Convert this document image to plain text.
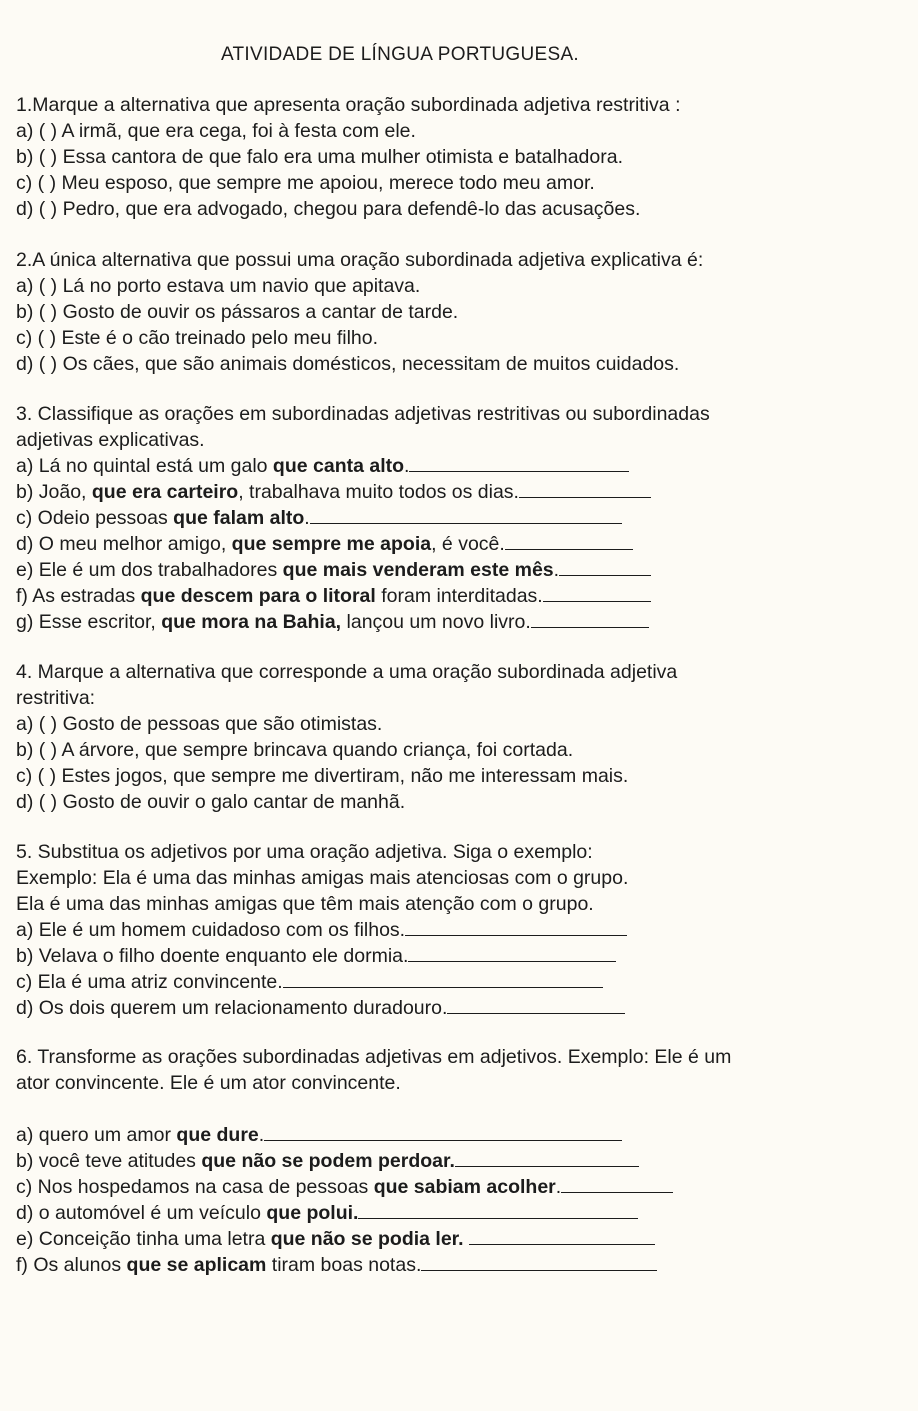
ATIVIDADE DE LÍNGUA PORTUGUESA.
1.Marque a alternativa que apresenta oração subordinada adjetiva restritiva :
a) ( ) A irmã, que era cega, foi à festa com ele.
b) ( ) Essa cantora de que falo era uma mulher otimista e batalhadora.
c) ( ) Meu esposo, que sempre me apoiou, merece todo meu amor.
d) ( ) Pedro, que era advogado, chegou para defendê-lo das acusações.
2.A única alternativa que possui uma oração subordinada adjetiva explicativa é:
a) ( ) Lá no porto estava um navio que apitava.
b) ( ) Gosto de ouvir os pássaros a cantar de tarde.
c) ( ) Este é o cão treinado pelo meu filho.
d) ( ) Os cães, que são animais domésticos, necessitam de muitos cuidados.
3. Classifique as orações em subordinadas adjetivas restritivas ou subordinadas
adjetivas explicativas.
a) Lá no quintal está um galo que canta alto.
b) João, que era carteiro, trabalhava muito todos os dias.
c) Odeio pessoas que falam alto.
d) O meu melhor amigo, que sempre me apoia, é você.
e) Ele é um dos trabalhadores que mais venderam este mês.
f) As estradas que descem para o litoral foram interditadas.
g) Esse escritor, que mora na Bahia, lançou um novo livro.
4. Marque a alternativa que corresponde a uma oração subordinada adjetiva
restritiva:
a) ( ) Gosto de pessoas que são otimistas.
b) ( ) A árvore, que sempre brincava quando criança, foi cortada.
c) ( ) Estes jogos, que sempre me divertiram, não me interessam mais.
d) ( ) Gosto de ouvir o galo cantar de manhã.
5. Substitua os adjetivos por uma oração adjetiva. Siga o exemplo:
Exemplo: Ela é uma das minhas amigas mais atenciosas com o grupo.
Ela é uma das minhas amigas que têm mais atenção com o grupo.
a) Ele é um homem cuidadoso com os filhos.
b) Velava o filho doente enquanto ele dormia.
c) Ela é uma atriz convincente.
d) Os dois querem um relacionamento duradouro.
6. Transforme as orações subordinadas adjetivas em adjetivos. Exemplo: Ele é um
ator convincente. Ele é um ator convincente.
a) quero um amor que dure.
b) você teve atitudes que não se podem perdoar.
c) Nos hospedamos na casa de pessoas que sabiam acolher.
d) o automóvel é um veículo que polui.
e) Conceição tinha uma letra que não se podia ler.
f) Os alunos que se aplicam tiram boas notas.
